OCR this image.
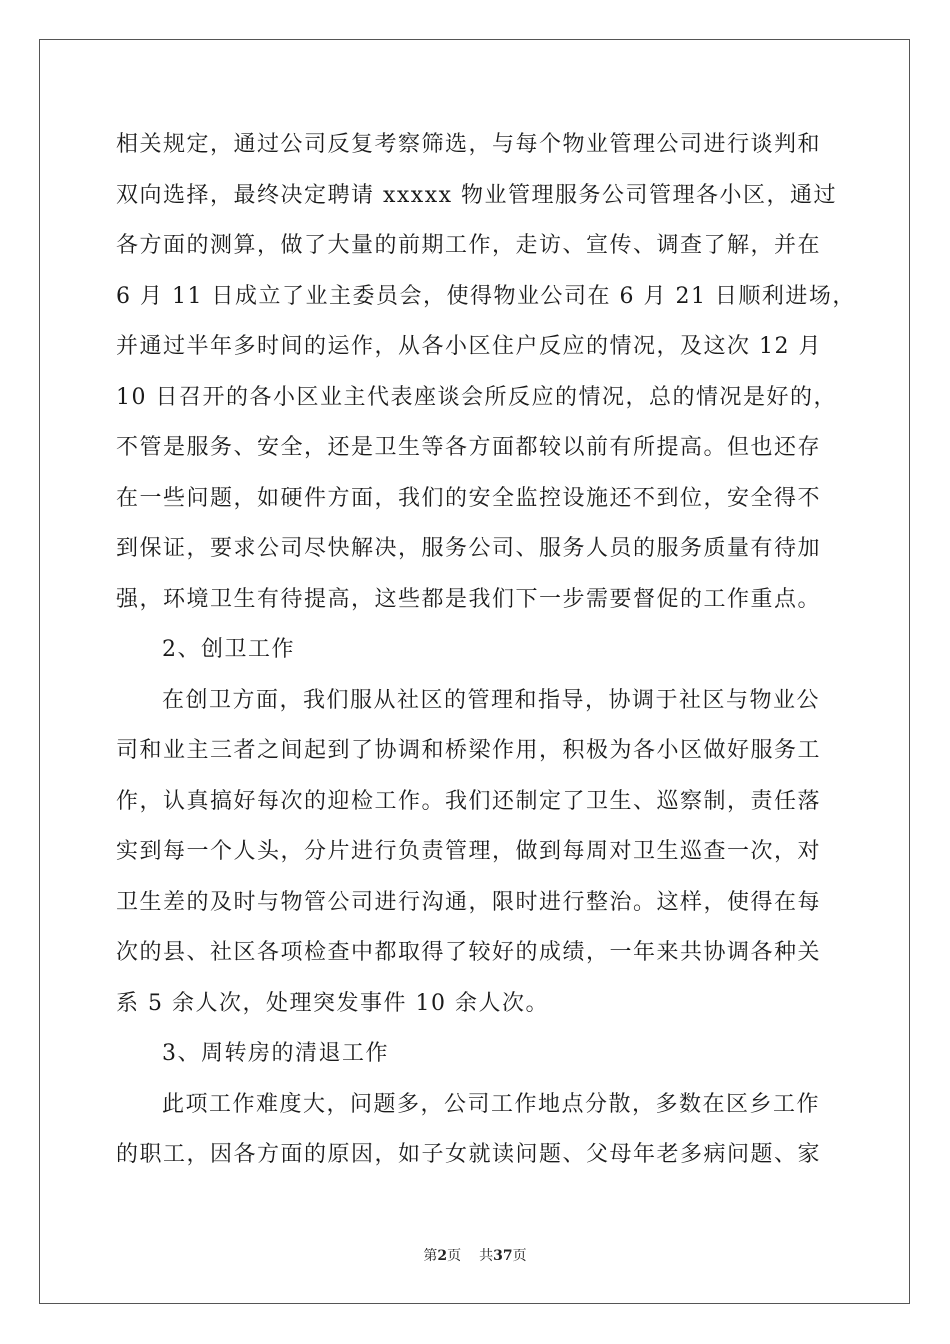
相关规定，通过公司反复考察筛选，与每个物业管理公司进行谈判和
双向选择，最终决定聘请 xxxxx 物业管理服务公司管理各小区，通过
各方面的测算，做了大量的前期工作，走访、宣传、调查了解，并在
6 月 11 日成立了业主委员会，使得物业公司在 6 月 21 日顺利进场，
并通过半年多时间的运作，从各小区住户反应的情况，及这次 12 月
10 日召开的各小区业主代表座谈会所反应的情况，总的情况是好的，
不管是服务、安全，还是卫生等各方面都较以前有所提高。但也还存
在一些问题，如硬件方面，我们的安全监控设施还不到位，安全得不
到保证，要求公司尽快解决，服务公司、服务人员的服务质量有待加
强，环境卫生有待提高，这些都是我们下一步需要督促的工作重点。
2、创卫工作
在创卫方面，我们服从社区的管理和指导，协调于社区与物业公
司和业主三者之间起到了协调和桥梁作用，积极为各小区做好服务工
作，认真搞好每次的迎检工作。我们还制定了卫生、巡察制，责任落
实到每一个人头，分片进行负责管理，做到每周对卫生巡查一次，对
卫生差的及时与物管公司进行沟通，限时进行整治。这样，使得在每
次的县、社区各项检查中都取得了较好的成绩，一年来共协调各种关
系 5 余人次，处理突发事件 10 余人次。
3、周转房的清退工作
此项工作难度大，问题多，公司工作地点分散，多数在区乡工作
的职工，因各方面的原因，如子女就读问题、父母年老多病问题、家
第2页 共37页
